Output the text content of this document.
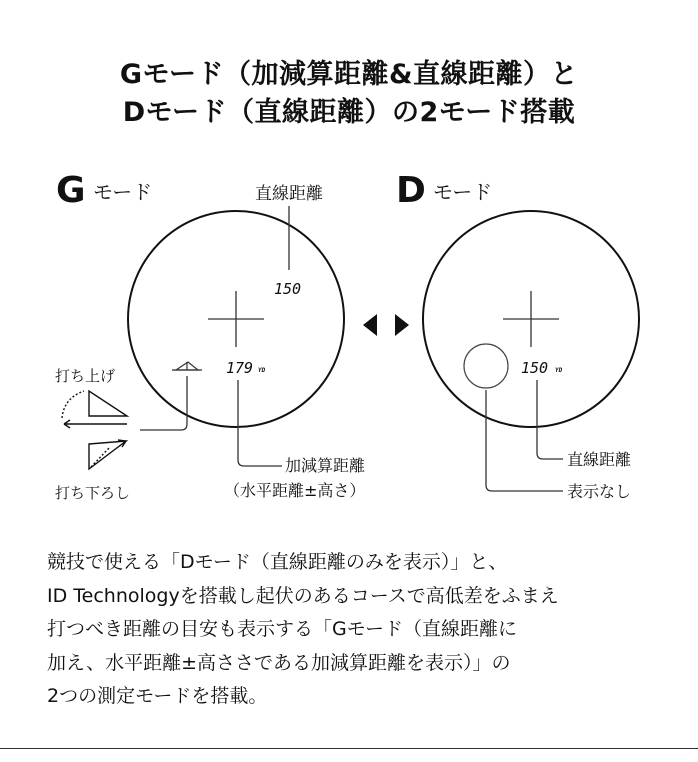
Gモード（加減算距離&直線距離）と
Dモード（直線距離）の2モード搭載
G モード	直線距離
150
179 YD
打ち上げ
打ち下ろし
加減算距離
（水平距離±高さ）
D モード
150 YD
直線距離
表示なし
競技で使える「Dモード（直線距離のみを表示）」と、
ID Technologyを搭載し起伏のあるコースで高低差をふまえ
打つべき距離の目安も表示する「Gモード（直線距離に
加え、水平距離±高ささである加減算距離を表示）」の
2つの測定モードを搭載。
